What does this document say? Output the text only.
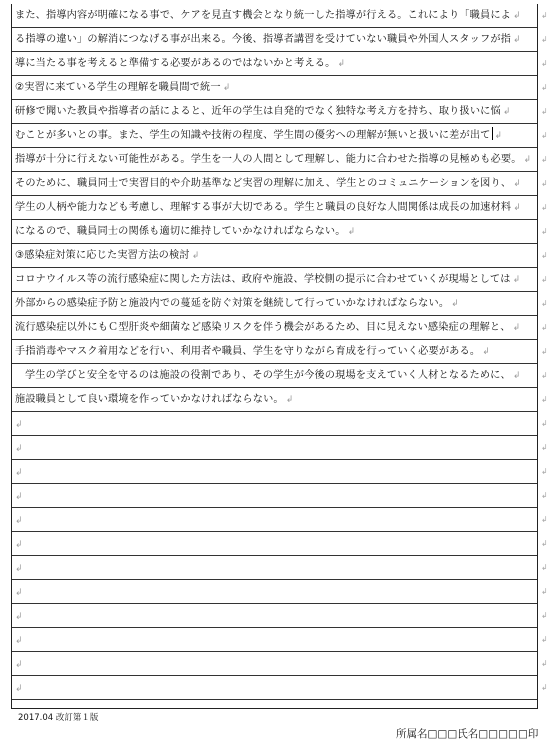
また、指導内容が明確になる事で、ケアを見直す機会となり統一した指導が行える。これにより「職員によ ↲
る指導の違い」の解消につなげる事が出来る。今後、指導者講習を受けていない職員や外国人スタッフが指 ↲
導に当たる事を考えると準備する必要があるのではないかと考える。 ↲
②実習に来ている学生の理解を職員間で統一 ↲
研修で聞いた教員や指導者の話によると、近年の学生は自発的でなく独特な考え方を持ち、取り扱いに悩 ↲
むことが多いとの事。また、学生の知識や技術の程度、学生間の優劣への理解が無いと扱いに差が出て ↲
指導が十分に行えない可能性がある。学生を一人の人間として理解し、能力に合わせた指導の見極めも必要。 ↲
そのために、職員同士で実習目的や介助基準など実習の理解に加え、学生とのコミュニケーションを図り、 ↲
学生の人柄や能力なども考慮し、理解する事が大切である。学生と職員の良好な人間関係は成長の加速材料 ↲
になるので、職員同士の関係も適切に維持していかなければならない。 ↲
③感染症対策に応じた実習方法の検討 ↲
コロナウイルス等の流行感染症に関した方法は、政府や施設、学校側の提示に合わせていくが現場としては ↲
外部からの感染症予防と施設内での蔓延を防ぐ対策を継続して行っていかなければならない。 ↲
流行感染症以外にもＣ型肝炎や細菌など感染リスクを伴う機会があるため、目に見えない感染症の理解と、 ↲
手指消毒やマスク着用などを行い、利用者や職員、学生を守りながら育成を行っていく必要がある。 ↲
学生の学びと安全を守るのは施設の役割であり、その学生が今後の現場を支えていく人材となるために、 ↲
施設職員として良い環境を作っていかなければならない。 ↲
↲
↲
↲
↲
↲
↲
↲
↲
↲
↲
↲
↲
↲
↲
↲
↲
↲
↲
↲
↲
↲
↲
↲
↲
↲
↲
↲
↲
↲
↲
↲
↲
↲
↲
↲
↲
↲
↲
↲
↲
↲
2017.04 改訂第１版
所属名□□□氏名□□□□□印
